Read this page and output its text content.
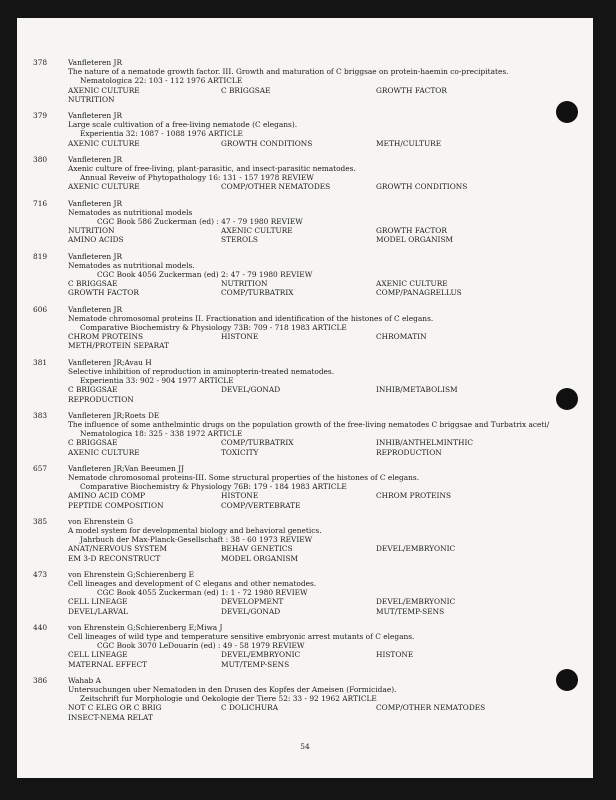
378	Vanfleteren JR
The nature of a nematode growth factor. III. Growth and maturation of C briggsae on protein-haemin co-precipitates.
Nematologica 22: 103 - 112 1976 ARTICLE
AXENIC CULTURE	C BRIGGSAE	GROWTH FACTOR
NUTRITION
379	Vanfleteren JR
Large scale cultivation of a free-living nematode (C elegans).
Experientia 32: 1087 - 1088 1976 ARTICLE
AXENIC CULTURE	GROWTH CONDITIONS	METH/CULTURE
380	Vanfleteren JR
Axenic culture of free-living, plant-parasitic, and insect-parasitic nematodes.
Annual Reveiw of Phytopathology 16: 131 - 157 1978 REVIEW
AXENIC CULTURE	COMP/OTHER NEMATODES	GROWTH CONDITIONS
716	Vanfleteren JR
Nematodes as nutritional models
CGC Book 586 Zuckerman (ed) : 47 - 79 1980 REVIEW
NUTRITION	AXENIC CULTURE	GROWTH FACTOR
AMINO ACIDS	STEROLS	MODEL ORGANISM
819	Vanfleteren JR
Nematodes as nutritional models.
CGC Book 4056 Zuckerman (ed) 2: 47 - 79 1980 REVIEW
C BRIGGSAE	NUTRITION	AXENIC CULTURE
GROWTH FACTOR	COMP/TURBATRIX	COMP/PANAGRELLUS
606	Vanfleteren JR
Nematode chromosomal proteins II. Fractionation and identification of the histones of C elegans.
Comparative Biochemistry & Physiology 73B: 709 - 718 1983 ARTICLE
CHROM PROTEINS	HISTONE	CHROMATIN
METH/PROTEIN SEPARAT
381	Vanfleteren JR;Avau H
Selective inhibition of reproduction in aminopterin-treated nematodes.
Experientia 33: 902 - 904 1977 ARTICLE
C BRIGGSAE	DEVEL/GONAD	INHIB/METABOLISM
REPRODUCTION
383	Vanfleteren JR;Roets DE
The influence of some anthelmintic drugs on the population growth of the free-living nematodes C briggsae and Turbatrix aceti/
Nematologica 18: 325 - 338 1972 ARTICLE
C BRIGGSAE	COMP/TURBATRIX	INHIB/ANTHELMINTHIC
AXENIC CULTURE	TOXICITY	REPRODUCTION
657	Vanfleteren JR;Van Beeumen JJ
Nematode chromosomal proteins-III. Some structural properties of the histones of C elegans.
Comparative Biochemistry & Physiology 76B: 179 - 184 1983 ARTICLE
AMINO ACID COMP	HISTONE	CHROM PROTEINS
PEPTIDE COMPOSITION	COMP/VERTEBRATE
385	von Ehrenstein G
A model system for developmental biology and behavioral genetics.
Jahrbuch der Max-Planck-Gesellschaft : 38 - 60 1973 REVIEW
ANAT/NERVOUS SYSTEM	BEHAV GENETICS	DEVEL/EMBRYONIC
EM 3-D RECONSTRUCT	MODEL ORGANISM
473	von Ehrenstein G;Schierenberg E
Cell lineages and development of C elegans and other nematodes.
CGC Book 4055 Zuckerman (ed) 1: 1 - 72 1980 REVIEW
CELL LINEAGE	DEVELOPMENT	DEVEL/EMBRYONIC
DEVEL/LARVAL	DEVEL/GONAD	MUT/TEMP-SENS
440	von Ehrenstein G;Schierenberg E;Miwa J
Cell lineages of wild type and temperature sensitive embryonic arrest mutants of C elegans.
CGC Book 3070 LeDouarin (ed) : 49 - 58 1979 REVIEW
CELL LINEAGE	DEVEL/EMBRYONIC	HISTONE
MATERNAL EFFECT	MUT/TEMP-SENS
386	Wahab A
Untersuchungen uber Nematoden in den Drusen des Kopfes der Ameisen (Formicidae).
Zeitschrift fur Morphologie und Oekologie der Tiere 52: 33 - 92 1962 ARTICLE
NOT C ELEG OR C BRIG	C DOLICHURA	COMP/OTHER NEMATODES
INSECT-NEMA RELAT
54
